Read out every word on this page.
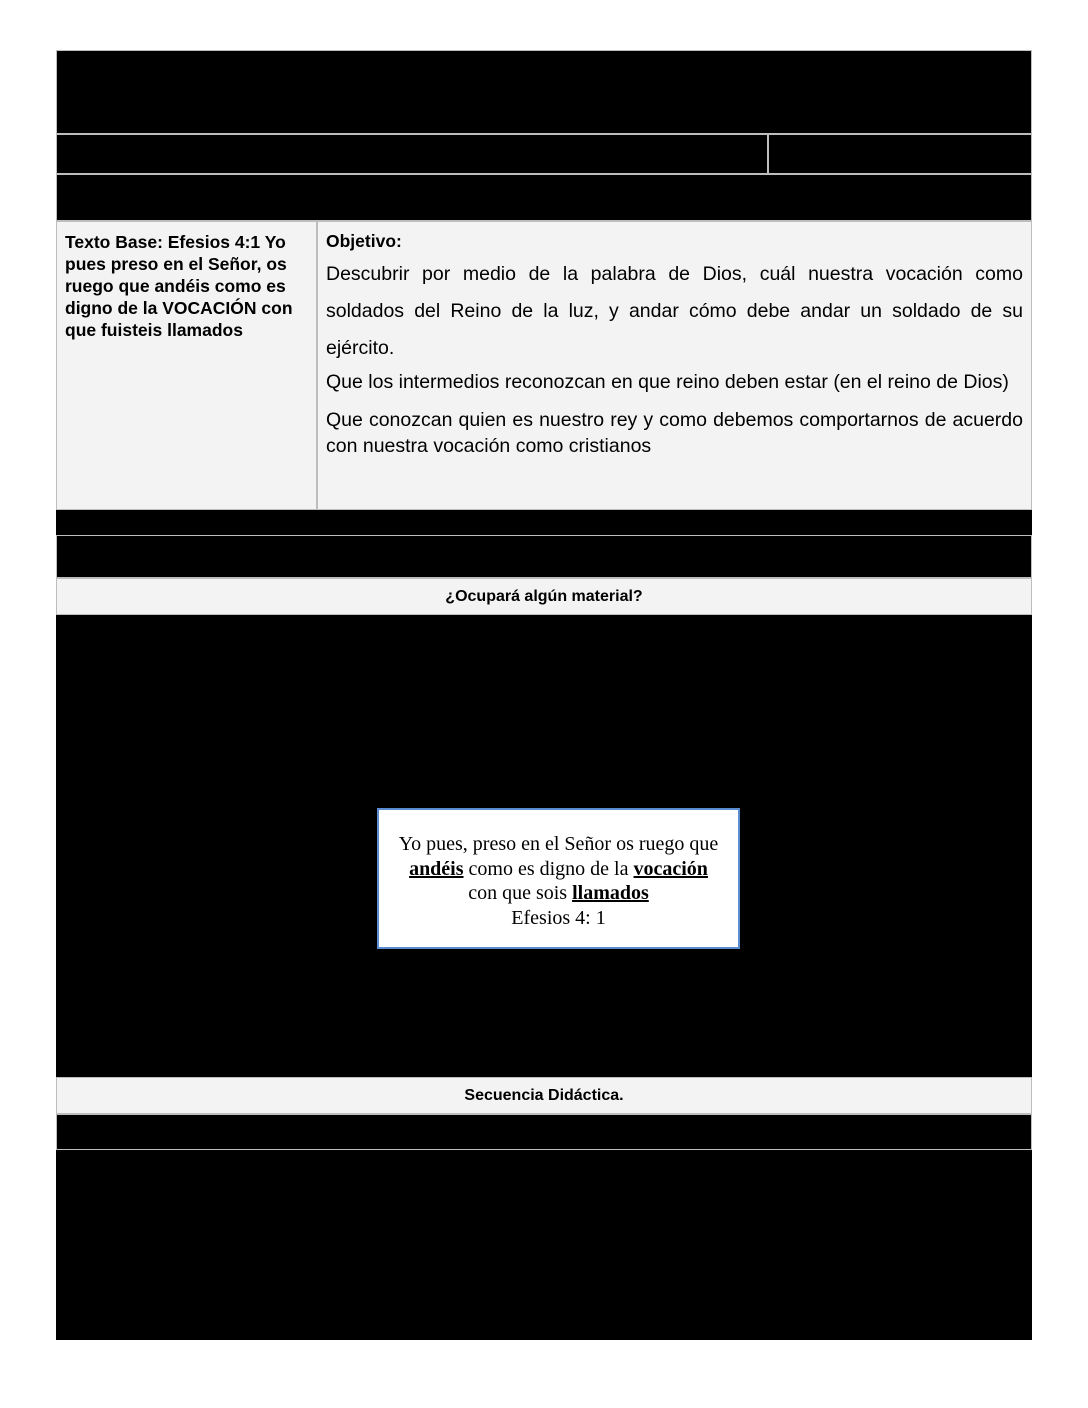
Texto Base: Efesios 4:1 Yo pues preso en el Señor, os ruego que andéis como es digno de la VOCACIÓN con que fuisteis llamados
Objetivo:

Descubrir por medio de la palabra de Dios, cuál nuestra vocación como soldados del Reino de la luz, y andar cómo debe andar un soldado de su ejército.

Que los intermedios reconozcan en que reino deben estar (en el reino de Dios)

Que conozcan quien es nuestro rey y como debemos comportarnos de acuerdo con nuestra vocación como cristianos

¿Ocupará algún material?
Yo pues, preso en el Señor os ruego que
andéis como es digno de la vocación
con que sois llamados
Efesios 4: 1
Secuencia Didáctica.
